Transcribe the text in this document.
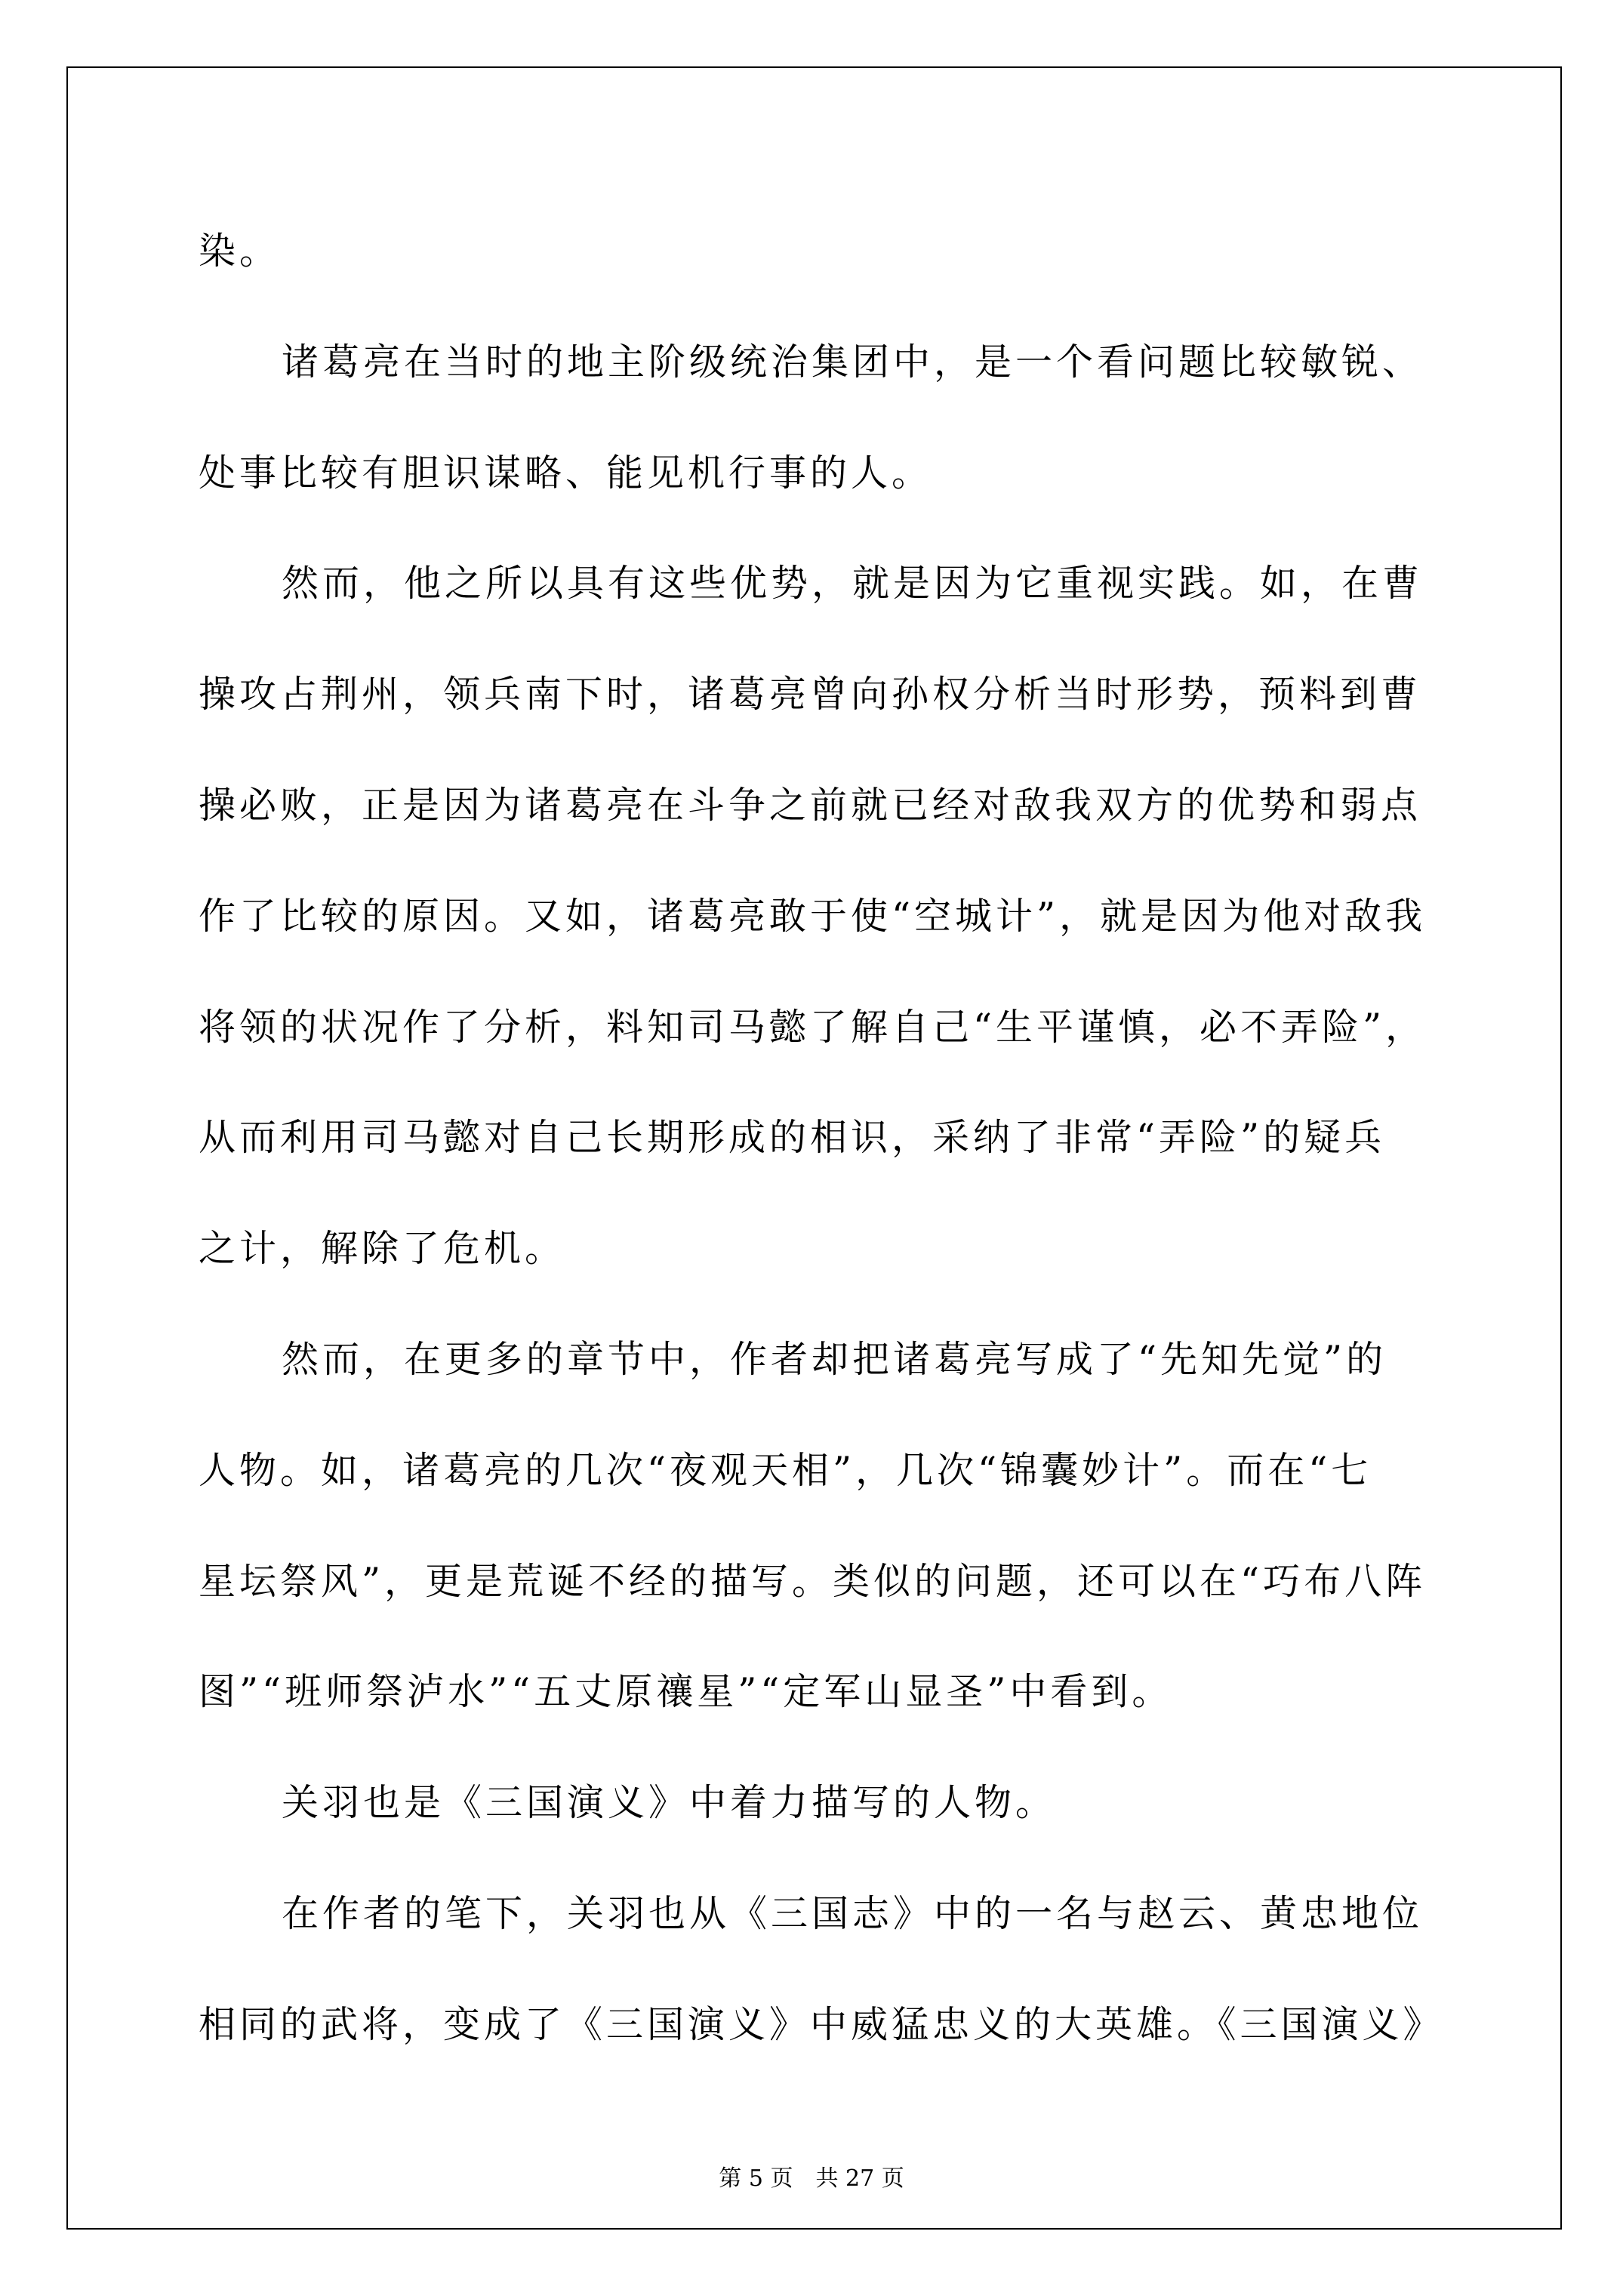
染。
诸葛亮在当时的地主阶级统治集团中，是一个看问题比较敏锐、
处事比较有胆识谋略、能见机行事的人。
然而，他之所以具有这些优势，就是因为它重视实践。如，在曹
操攻占荆州，领兵南下时，诸葛亮曾向孙权分析当时形势，预料到曹
操必败，正是因为诸葛亮在斗争之前就已经对敌我双方的优势和弱点
作了比较的原因。又如，诸葛亮敢于使“空城计”，就是因为他对敌我
将领的状况作了分析，料知司马懿了解自己“生平谨慎，必不弄险”，
从而利用司马懿对自己长期形成的相识，采纳了非常“弄险”的疑兵
之计，解除了危机。
然而，在更多的章节中，作者却把诸葛亮写成了“先知先觉”的
人物。如，诸葛亮的几次“夜观天相”，几次“锦囊妙计”。而在“七
星坛祭风”，更是荒诞不经的描写。类似的问题，还可以在“巧布八阵
图”“班师祭泸水”“五丈原禳星”“定军山显圣”中看到。
关羽也是《三国演义》中着力描写的人物。
在作者的笔下，关羽也从《三国志》中的一名与赵云、黄忠地位
相同的武将，变成了《三国演义》中威猛忠义的大英雄。《三国演义》
第 5 页　共 27 页
